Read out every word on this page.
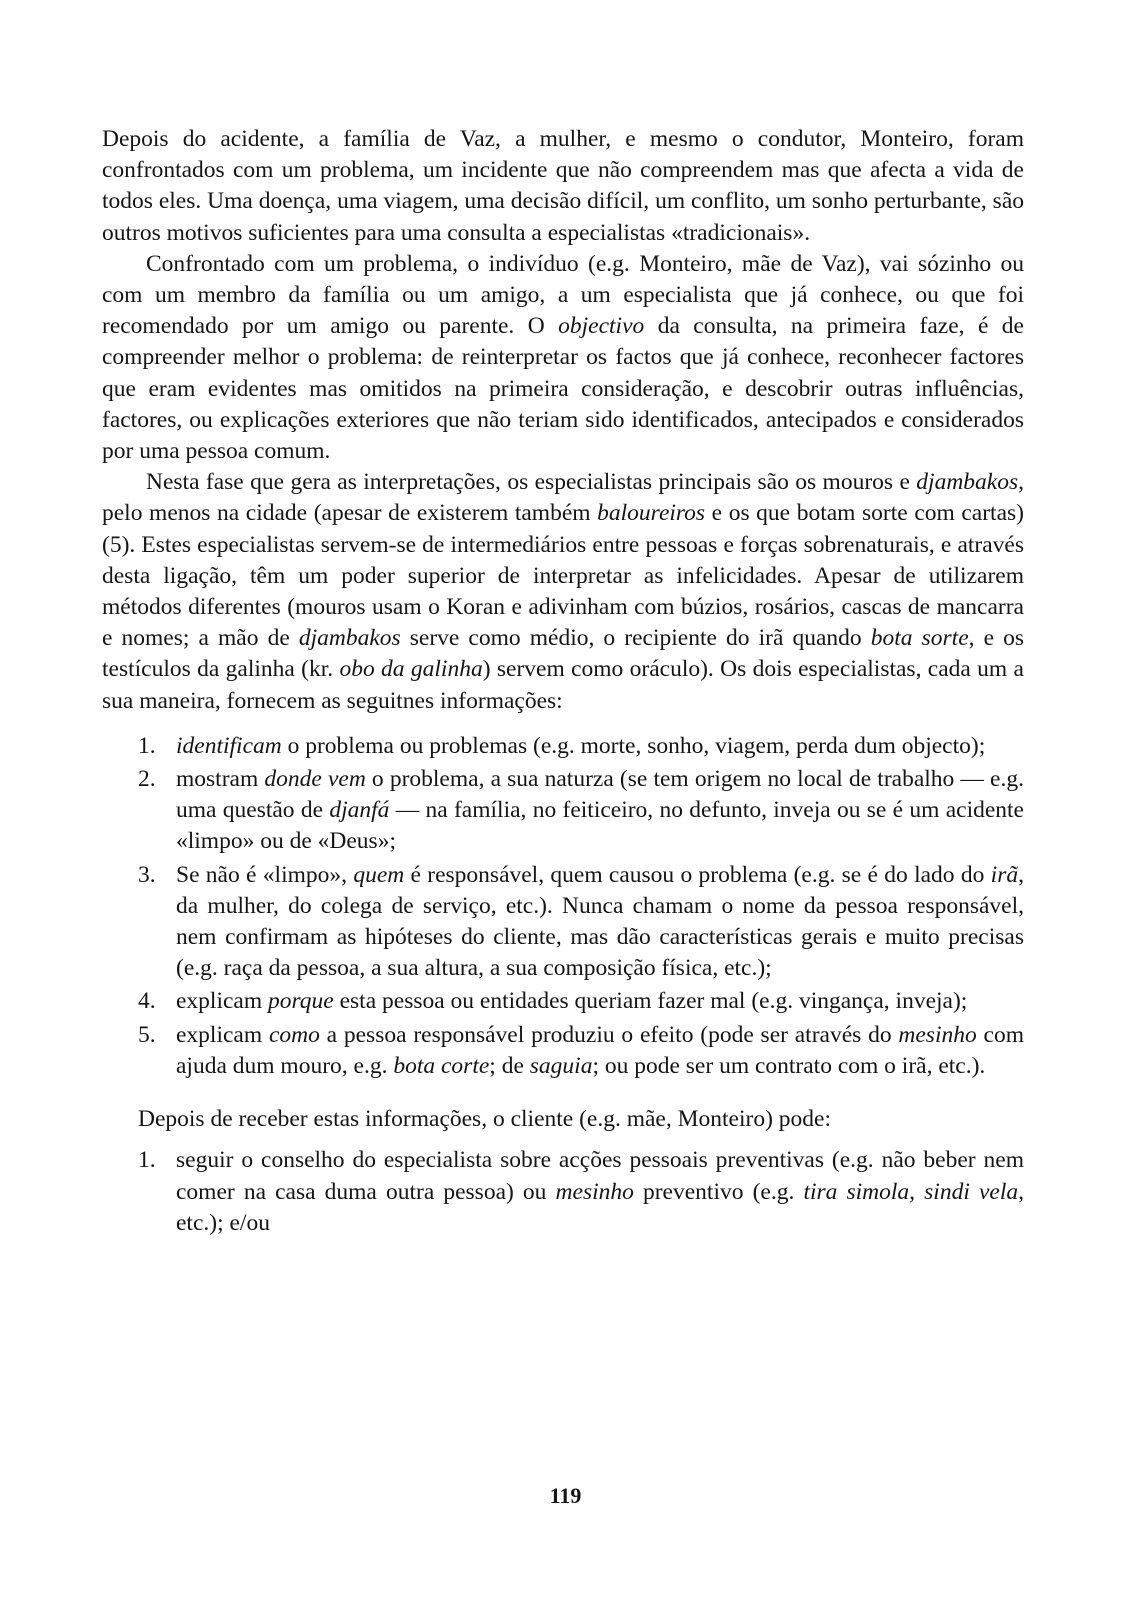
Depois do acidente, a família de Vaz, a mulher, e mesmo o condutor, Monteiro, foram confrontados com um problema, um incidente que não compreendem mas que afecta a vida de todos eles. Uma doença, uma viagem, uma decisão difícil, um conflito, um sonho perturbante, são outros motivos suficientes para uma consulta a especialistas «tradicionais».

Confrontado com um problema, o indivíduo (e.g. Monteiro, mãe de Vaz), vai sózinho ou com um membro da família ou um amigo, a um especialista que já conhece, ou que foi recomendado por um amigo ou parente. O objectivo da consulta, na primeira faze, é de compreender melhor o problema: de reinterpretar os factos que já conhece, reconhecer factores que eram evidentes mas omitidos na primeira consideração, e descobrir outras influências, factores, ou explicações exteriores que não teriam sido identificados, antecipados e considerados por uma pessoa comum.

Nesta fase que gera as interpretações, os especialistas principais são os mouros e djambakos, pelo menos na cidade (apesar de existerem também baloureiros e os que botam sorte com cartas) (5). Estes especialistas servem-se de intermediários entre pessoas e forças sobrenaturais, e através desta ligação, têm um poder superior de interpretar as infelicidades. Apesar de utilizarem métodos diferentes (mouros usam o Koran e adivinham com búzios, rosários, cascas de mancarra e nomes; a mão de djambakos serve como médio, o recipiente do irã quando bota sorte, e os testículos da galinha (kr. obo da galinha) servem como oráculo). Os dois especialistas, cada um a sua maneira, fornecem as seguitnes informações:

1. identificam o problema ou problemas (e.g. morte, sonho, viagem, perda dum objecto);
2. mostram donde vem o problema, a sua naturza (se tem origem no local de trabalho — e.g. uma questão de djanfá — na família, no feiticeiro, no defunto, inveja ou se é um acidente «limpo» ou de «Deus»;
3. Se não é «limpo», quem é responsável, quem causou o problema (e.g. se é do lado do irã, da mulher, do colega de serviço, etc.). Nunca chamam o nome da pessoa responsável, nem confirmam as hipóteses do cliente, mas dão características gerais e muito precisas (e.g. raça da pessoa, a sua altura, a sua composição física, etc.);
4. explicam porque esta pessoa ou entidades queriam fazer mal (e.g. vingança, inveja);
5. explicam como a pessoa responsável produziu o efeito (pode ser através do mesinho com ajuda dum mouro, e.g. bota corte; de saguia; ou pode ser um contrato com o irã, etc.).

Depois de receber estas informações, o cliente (e.g. mãe, Monteiro) pode:

1. seguir o conselho do especialista sobre acções pessoais preventivas (e.g. não beber nem comer na casa duma outra pessoa) ou mesinho preventivo (e.g. tira simola, sindi vela, etc.); e/ou
119
